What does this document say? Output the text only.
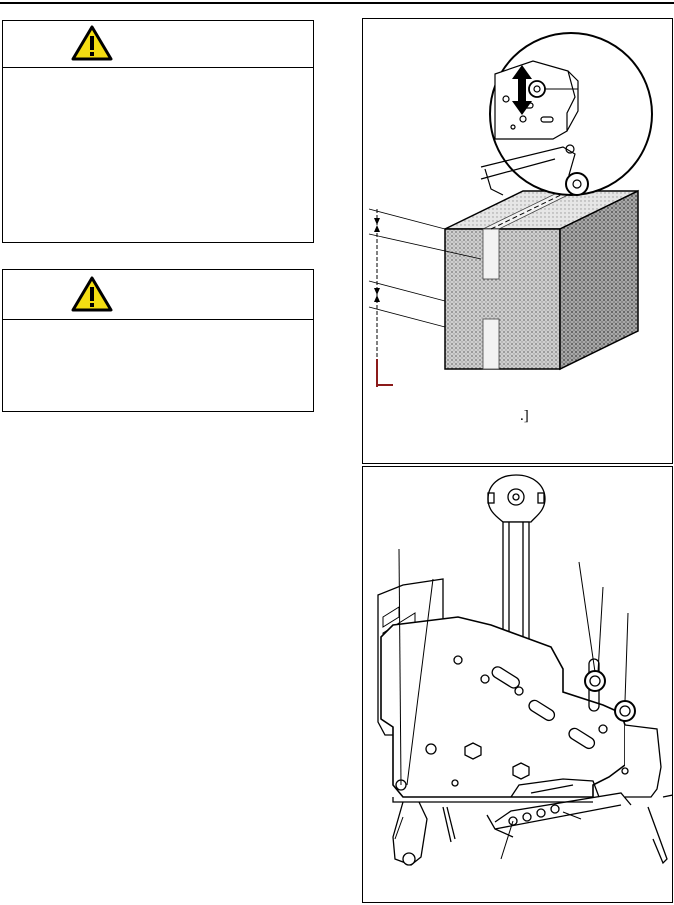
.]
